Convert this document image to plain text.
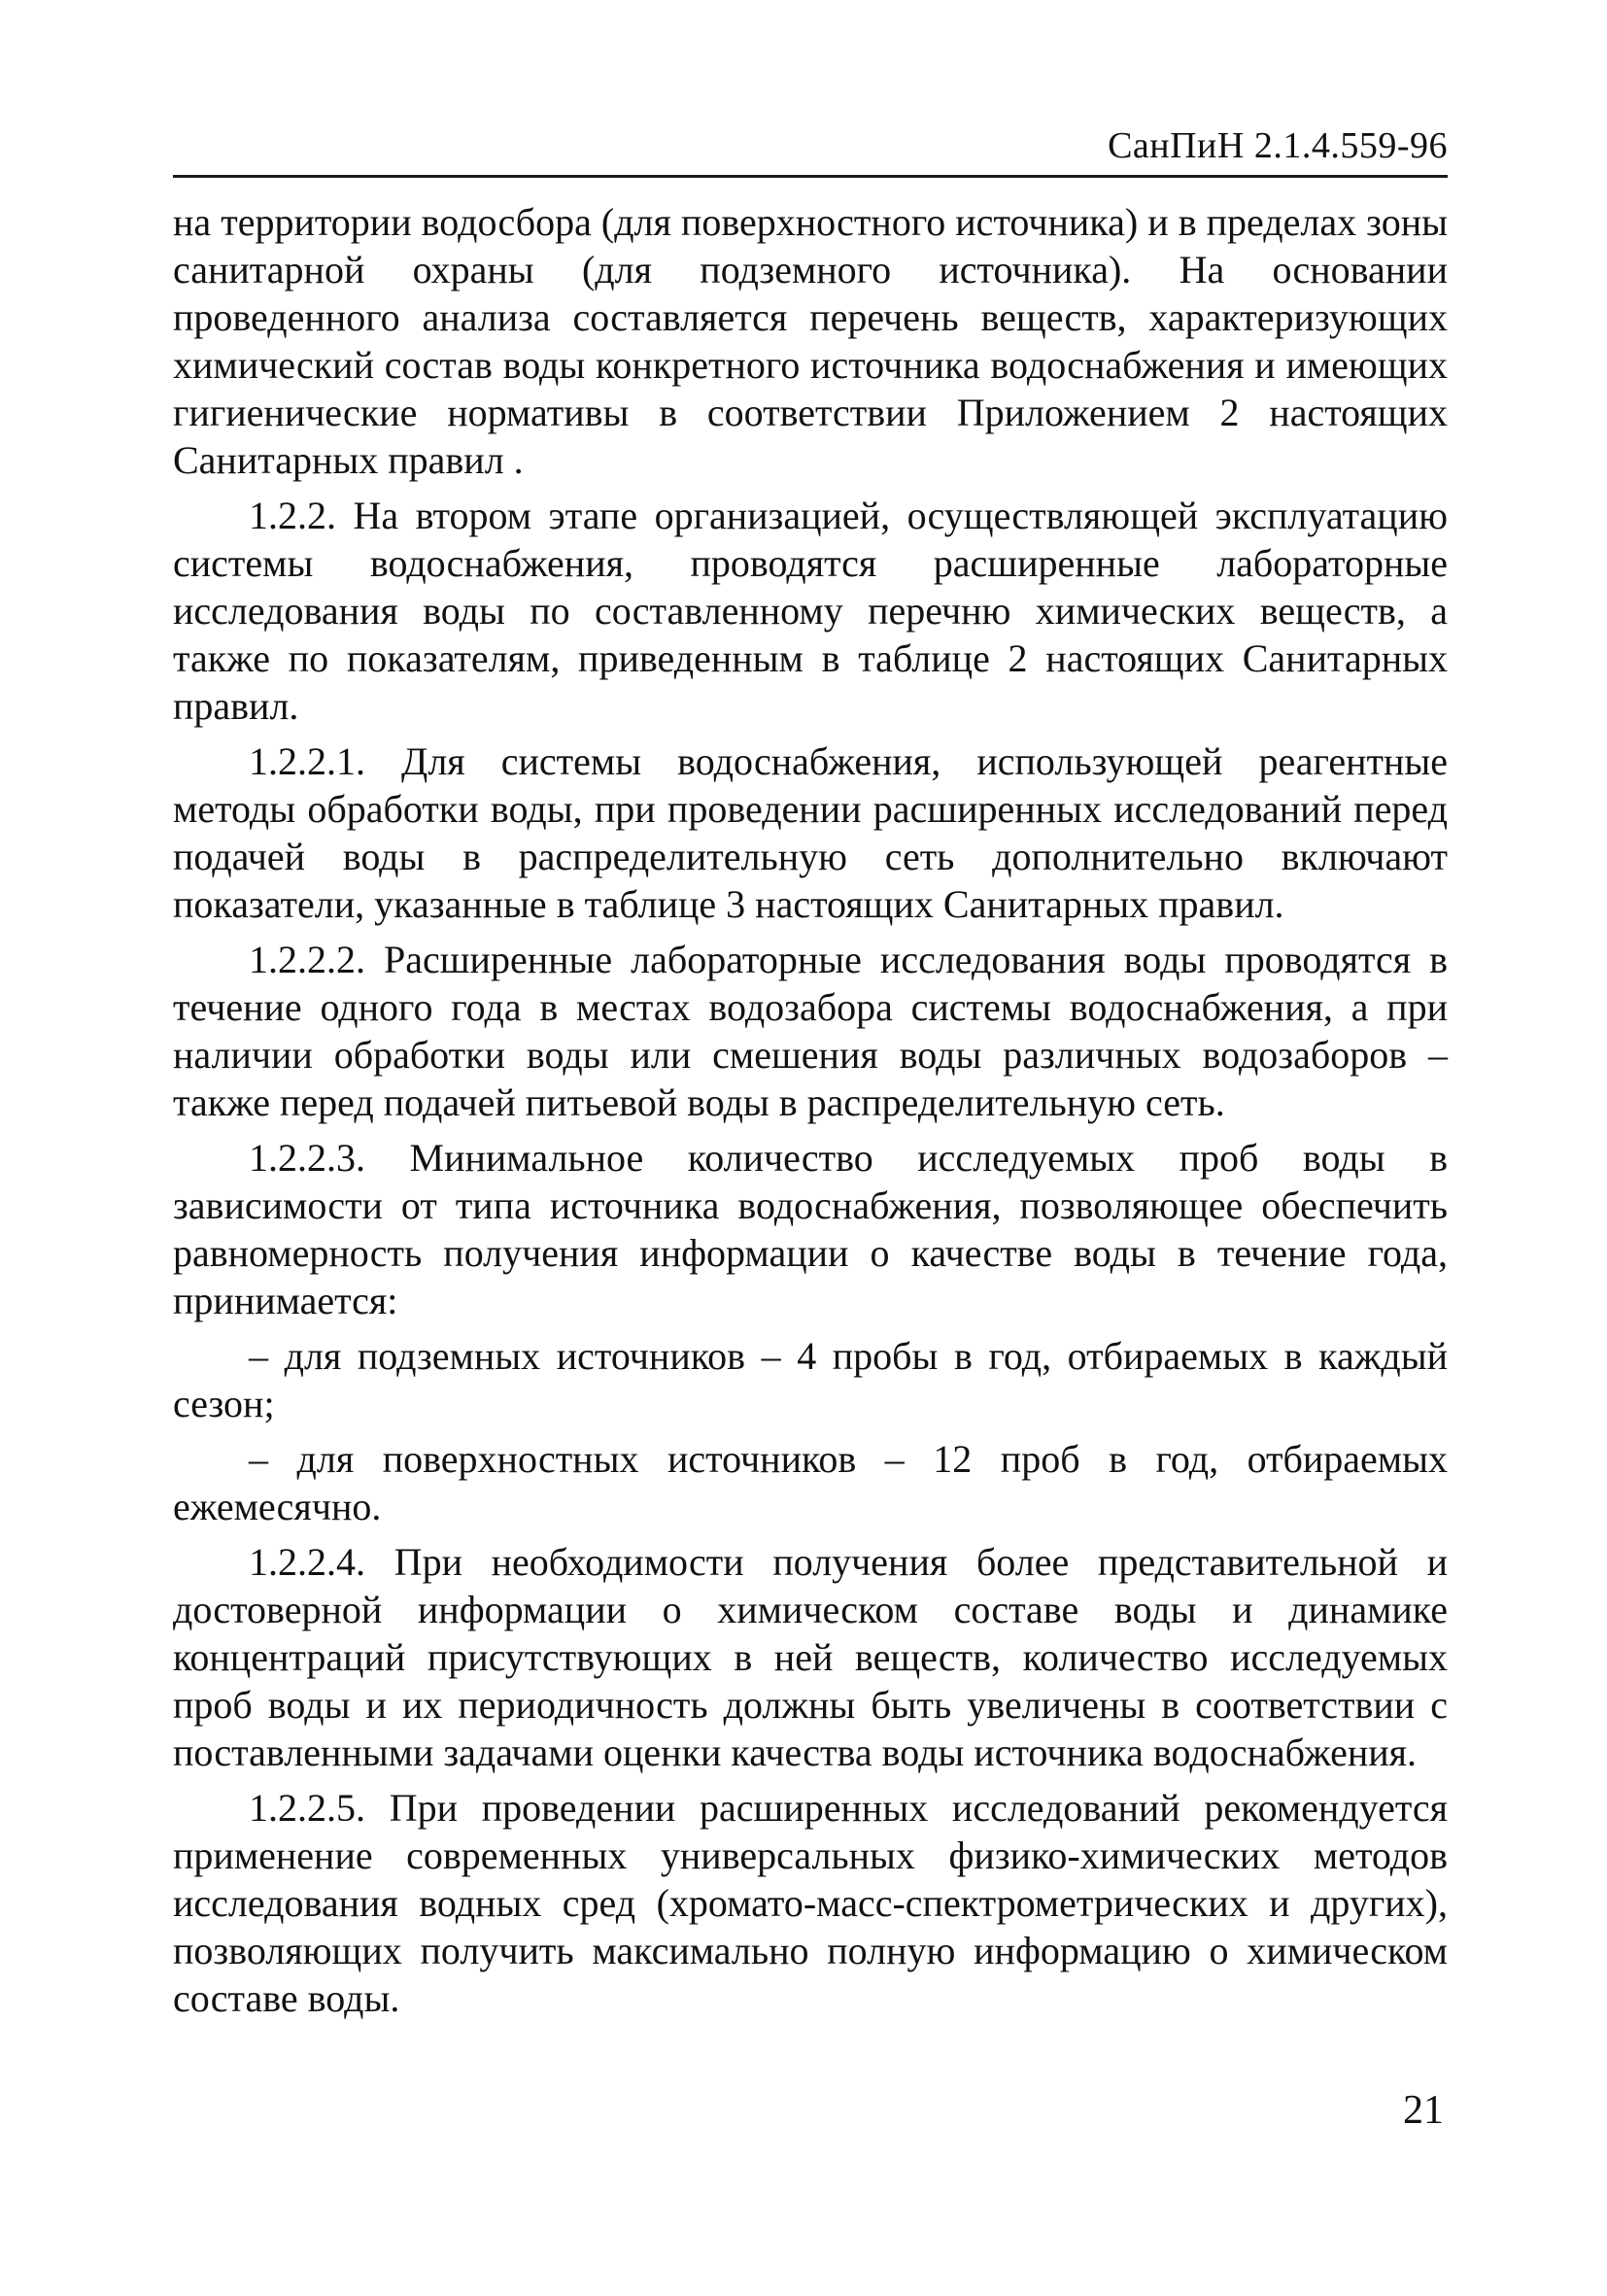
СанПиН 2.1.4.559-96

на территории водосбора (для поверхностного источника) и в пределах зоны санитарной охраны (для подземного источника). На основании проведенного анализа составляется перечень веществ, характеризующих химический состав воды конкретного источника водоснабжения и имеющих гигиенические нормативы в соответствии Приложением 2 настоящих Санитарных правил .

1.2.2. На втором этапе организацией, осуществляющей эксплуатацию системы водоснабжения, проводятся расширенные лабораторные исследования воды по составленному перечню химических веществ, а также по показателям, приведенным в таблице 2 настоящих Санитарных правил.

1.2.2.1. Для системы водоснабжения, использующей реагентные методы обработки воды, при проведении расширенных исследований перед подачей воды в распределительную сеть дополнительно включают показатели, указанные в таблице 3 настоящих Санитарных правил.

1.2.2.2. Расширенные лабораторные исследования воды проводятся в течение одного года в местах водозабора системы водоснабжения, а при наличии обработки воды или смешения воды различных водозаборов – также перед подачей питьевой воды в распределительную сеть.

1.2.2.3. Минимальное количество исследуемых проб воды в зависимости от типа источника водоснабжения, позволяющее обеспечить равномерность получения информации о качестве воды в течение года, принимается:

– для подземных источников – 4 пробы в год, отбираемых в каждый сезон;

– для поверхностных источников – 12 проб в год, отбираемых ежемесячно.

1.2.2.4. При необходимости получения более представительной и достоверной информации о химическом составе воды и динамике концентраций присутствующих в ней веществ, количество исследуемых проб воды и их периодичность должны быть увеличены в соответствии с поставленными задачами оценки качества воды источника водоснабжения.

1.2.2.5. При проведении расширенных исследований рекомендуется применение современных универсальных физико-химических методов исследования водных сред (хромато-масс-спектрометрических и других), позволяющих получить максимально полную информацию о химическом составе воды.

21
